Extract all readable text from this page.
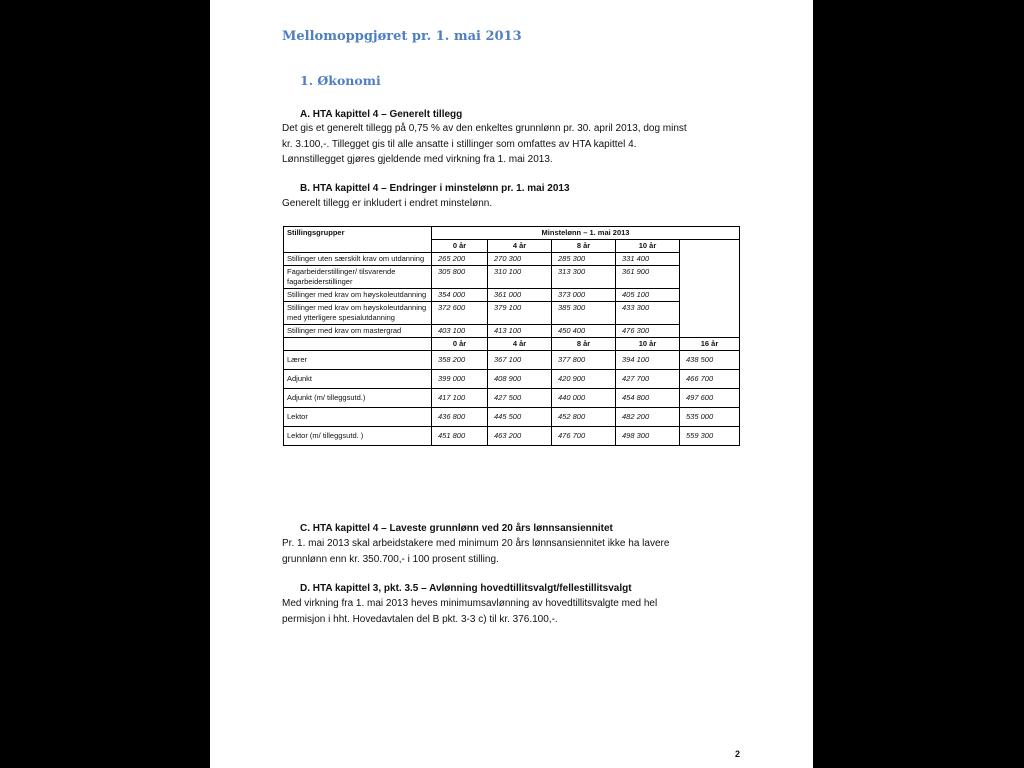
Mellomoppgjøret pr. 1. mai 2013
1. Økonomi
A. HTA kapittel 4 – Generelt tillegg
Det gis et generelt tillegg på 0,75 % av den enkeltes grunnlønn pr. 30. april 2013, dog minst
kr. 3.100,-. Tillegget gis til alle ansatte i stillinger som omfattes av HTA kapittel 4.
Lønnstillegget gjøres gjeldende med virkning fra 1. mai 2013.
B. HTA kapittel 4 – Endringer i minstelønn pr. 1. mai 2013
Generelt tillegg er inkludert i endret minstelønn.
Stillingsgrupper	Minstelønn – 1. mai 2013				
	0 år	4 år	8 år	10 år	
Stillinger uten særskilt krav om utdanning	265 200	270 300	285 300	331 400	
Fagarbeiderstillinger/ tilsvarende fagarbeiderstillinger	305 800	310 100	313 300	361 900	
Stillinger med krav om høyskoleutdanning	354 000	361 000	373 000	405 100	
Stillinger med krav om høyskoleutdanning med ytterligere spesialutdanning	372 600	379 100	385 300	433 300	
Stillinger med krav om mastergrad	403 100	413 100	450 400	476 300	
	0 år	4 år	8 år	10 år	16 år
Lærer	358 200	367 100	377 800	394 100	438 500
Adjunkt	399 000	408 900	420 900	427 700	466 700
Adjunkt (m/ tilleggsutd.)	417 100	427 500	440 000	454 800	497 600
Lektor	436 800	445 500	452 800	482 200	535 000
Lektor (m/ tilleggsutd. )	451 800	463 200	476 700	498 300	559 300
C. HTA kapittel 4 – Laveste grunnlønn ved 20 års lønnsansiennitet
Pr. 1. mai 2013 skal arbeidstakere med minimum 20 års lønnsansiennitet ikke ha lavere
grunnlønn enn kr. 350.700,- i 100 prosent stilling.
D. HTA kapittel 3, pkt. 3.5 – Avlønning hovedtillitsvalgt/fellestillitsvalgt
Med virkning fra 1. mai 2013 heves minimumsavlønning av hovedtillitsvalgte med hel
permisjon i hht. Hovedavtalen del B pkt. 3-3 c) til kr. 376.100,-.
2
